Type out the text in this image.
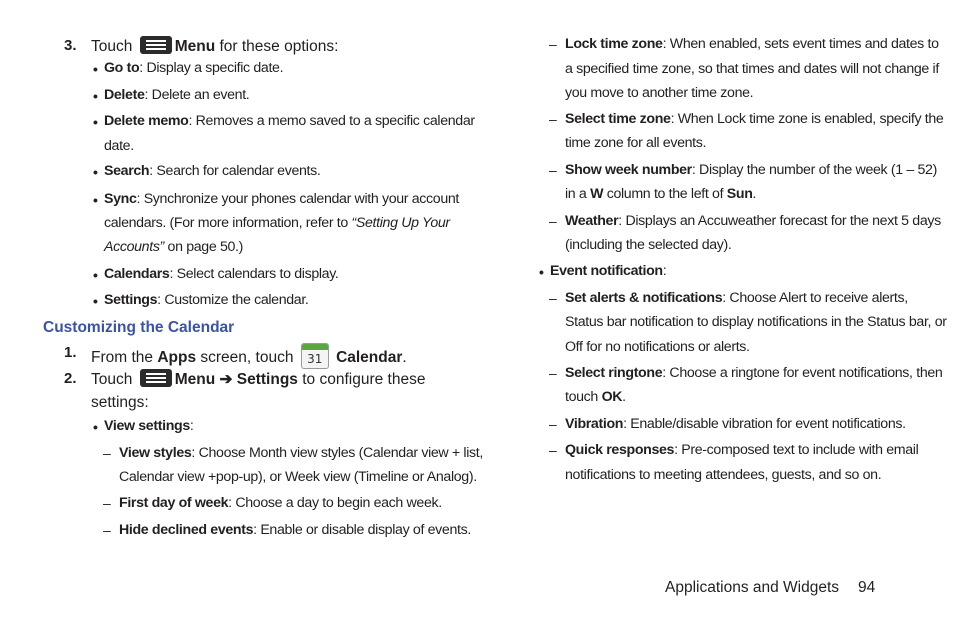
3. Touch	Menu for these options:
• Go to: Display a specific date.
• Delete: Delete an event.
• Delete memo: Removes a memo saved to a specific calendar
date.
• Search: Search for calendar events.
• Sync: Synchronize your phones calendar with your account
calendars. (For more information, refer to “Setting Up Your
Accounts” on page 50.)
• Calendars: Select calendars to display.
• Settings: Customize the calendar.
Customizing the Calendar
1. From the Apps screen, touch 31 Calendar.
2. Touch	Menu ➔ Settings to configure these
settings:
• View settings:
– View styles: Choose Month view styles (Calendar view + list,
Calendar view +pop-up), or Week view (Timeline or Analog).
– First day of week: Choose a day to begin each week.
– Hide declined events: Enable or disable display of events.
– Lock time zone: When enabled, sets event times and dates to
a specified time zone, so that times and dates will not change if
you move to another time zone.
– Select time zone: When Lock time zone is enabled, specify the
time zone for all events.
– Show week number: Display the number of the week (1 – 52)
in a W column to the left of Sun.
– Weather: Displays an Accuweather forecast for the next 5 days
(including the selected day).
• Event notification:
– Set alerts & notifications: Choose Alert to receive alerts,
Status bar notification to display notifications in the Status bar, or
Off for no notifications or alerts.
– Select ringtone: Choose a ringtone for event notifications, then
touch OK.
– Vibration: Enable/disable vibration for event notifications.
– Quick responses: Pre-composed text to include with email
notifications to meeting attendees, guests, and so on.
Applications and Widgets 94
